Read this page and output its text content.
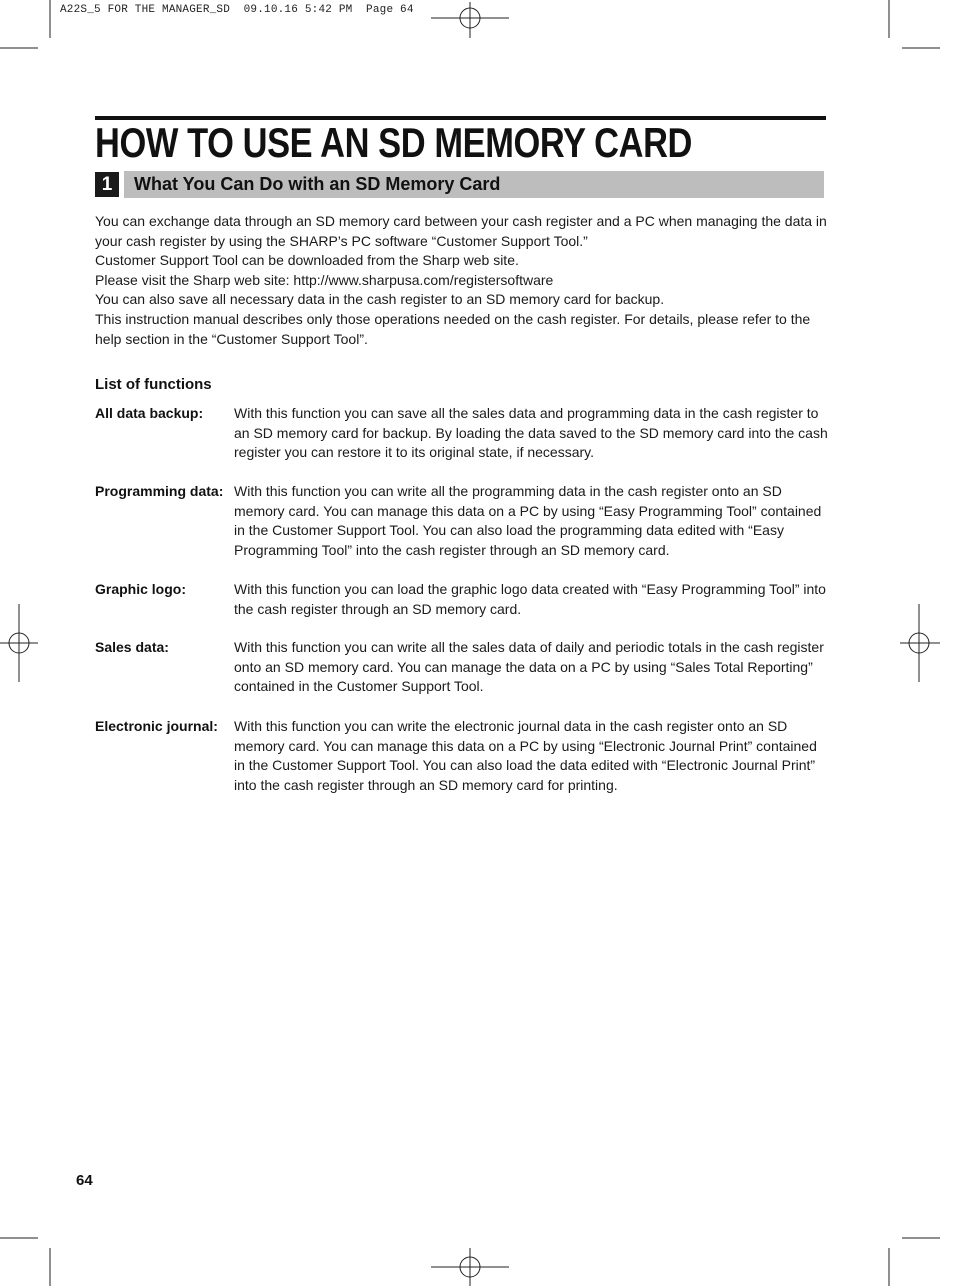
A22S_5 FOR THE MANAGER_SD  09.10.16 5:42 PM  Page 64
HOW TO USE AN SD MEMORY CARD
1	What You Can Do with an SD Memory Card

You can exchange data through an SD memory card between your cash register and a PC when managing the data in your cash register by using the SHARP’s PC software “Customer Support Tool.”

Customer Support Tool can be downloaded from the Sharp web site.

Please visit the Sharp web site: http://www.sharpusa.com/registersoftware

You can also save all necessary data in the cash register to an SD memory card for backup.

This instruction manual describes only those operations needed on the cash register. For details, please refer to the help section in the “Customer Support Tool”.

List of functions
All data backup: With this function you can save all the sales data and programming data in the cash register to an SD memory card for backup. By loading the data saved to the SD memory card into the cash register you can restore it to its original state, if necessary.
Programming data: With this function you can write all the programming data in the cash register onto an SD memory card. You can manage this data on a PC by using “Easy Programming Tool” contained in the Customer Support Tool. You can also load the programming data edited with “Easy Programming Tool” into the cash register through an SD memory card.
Graphic logo:	With this function you can load the graphic logo data created with “Easy Programming Tool” into the cash register through an SD memory card.
Sales data:	With this function you can write all the sales data of daily and periodic totals in the cash register onto an SD memory card. You can manage the data on a PC by using “Sales Total Reporting” contained in the Customer Support Tool.
Electronic journal: With this function you can write the electronic journal data in the cash register onto an SD memory card. You can manage this data on a PC by using “Electronic Journal Print” contained in the Customer Support Tool. You can also load the data edited with “Electronic Journal Print” into the cash register through an SD memory card for printing.
64
